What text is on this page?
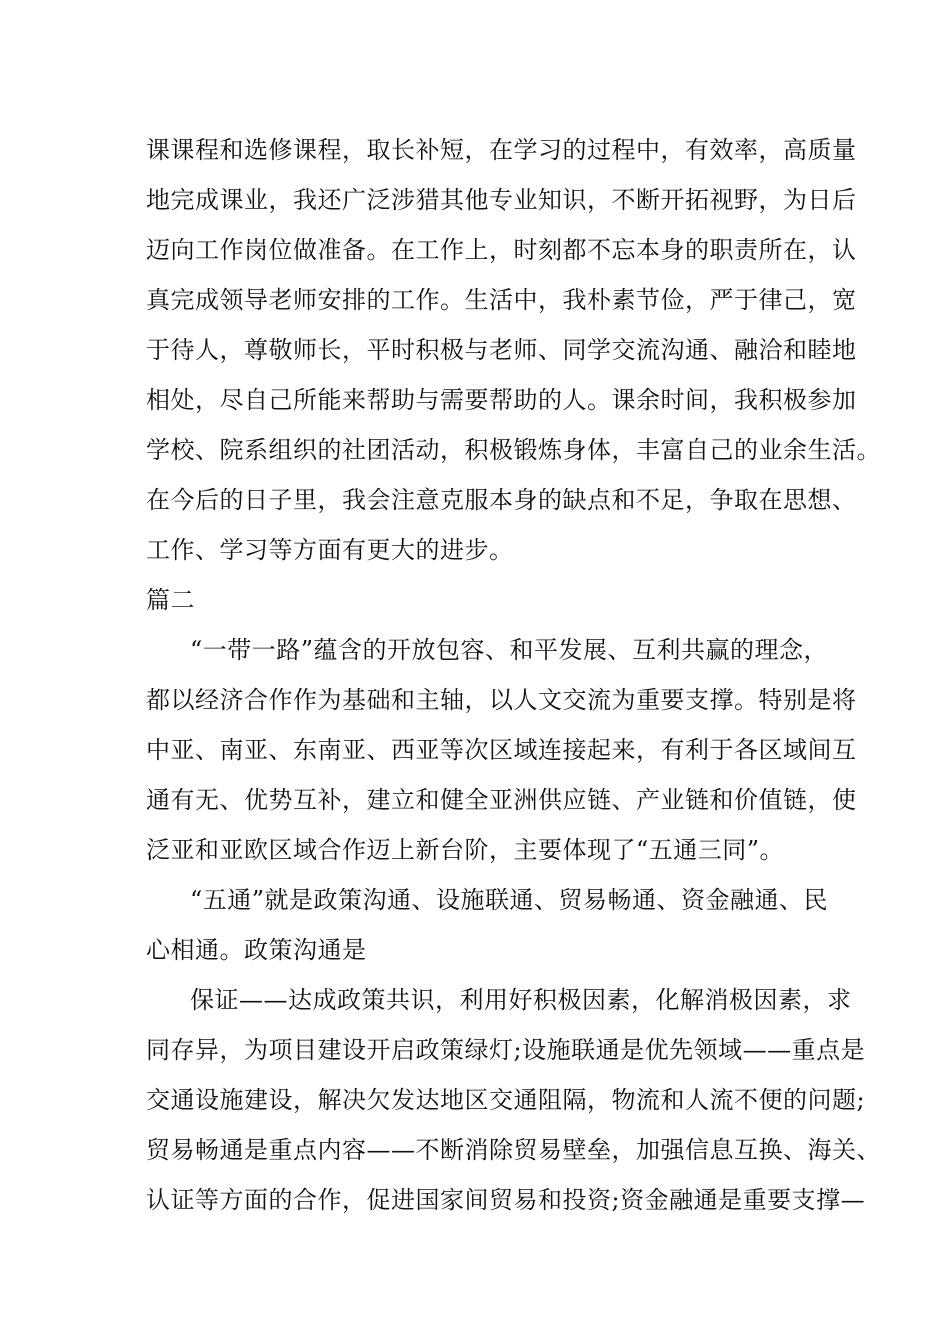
课课程和选修课程，取长补短，在学习的过程中，有效率，高质量
地完成课业，我还广泛涉猎其他专业知识，不断开拓视野，为日后
迈向工作岗位做准备。在工作上，时刻都不忘本身的职责所在，认
真完成领导老师安排的工作。生活中，我朴素节俭，严于律己，宽
于待人，尊敬师长，平时积极与老师、同学交流沟通、融洽和睦地
相处，尽自己所能来帮助与需要帮助的人。课余时间，我积极参加
学校、院系组织的社团活动，积极锻炼身体，丰富自己的业余生活。
在今后的日子里，我会注意克服本身的缺点和不足，争取在思想、
工作、学习等方面有更大的进步。
篇二
“一带一路”蕴含的开放包容、和平发展、互利共赢的理念，
都以经济合作作为基础和主轴，以人文交流为重要支撑。特别是将
中亚、南亚、东南亚、西亚等次区域连接起来，有利于各区域间互
通有无、优势互补，建立和健全亚洲供应链、产业链和价值链，使
泛亚和亚欧区域合作迈上新台阶，主要体现了“五通三同”。
“五通”就是政策沟通、设施联通、贸易畅通、资金融通、民
心相通。政策沟通是
保证——达成政策共识，利用好积极因素，化解消极因素，求
同存异，为项目建设开启政策绿灯;设施联通是优先领域——重点是
交通设施建设，解决欠发达地区交通阻隔，物流和人流不便的问题;
贸易畅通是重点内容——不断消除贸易壁垒，加强信息互换、海关、
认证等方面的合作，促进国家间贸易和投资;资金融通是重要支撑—
